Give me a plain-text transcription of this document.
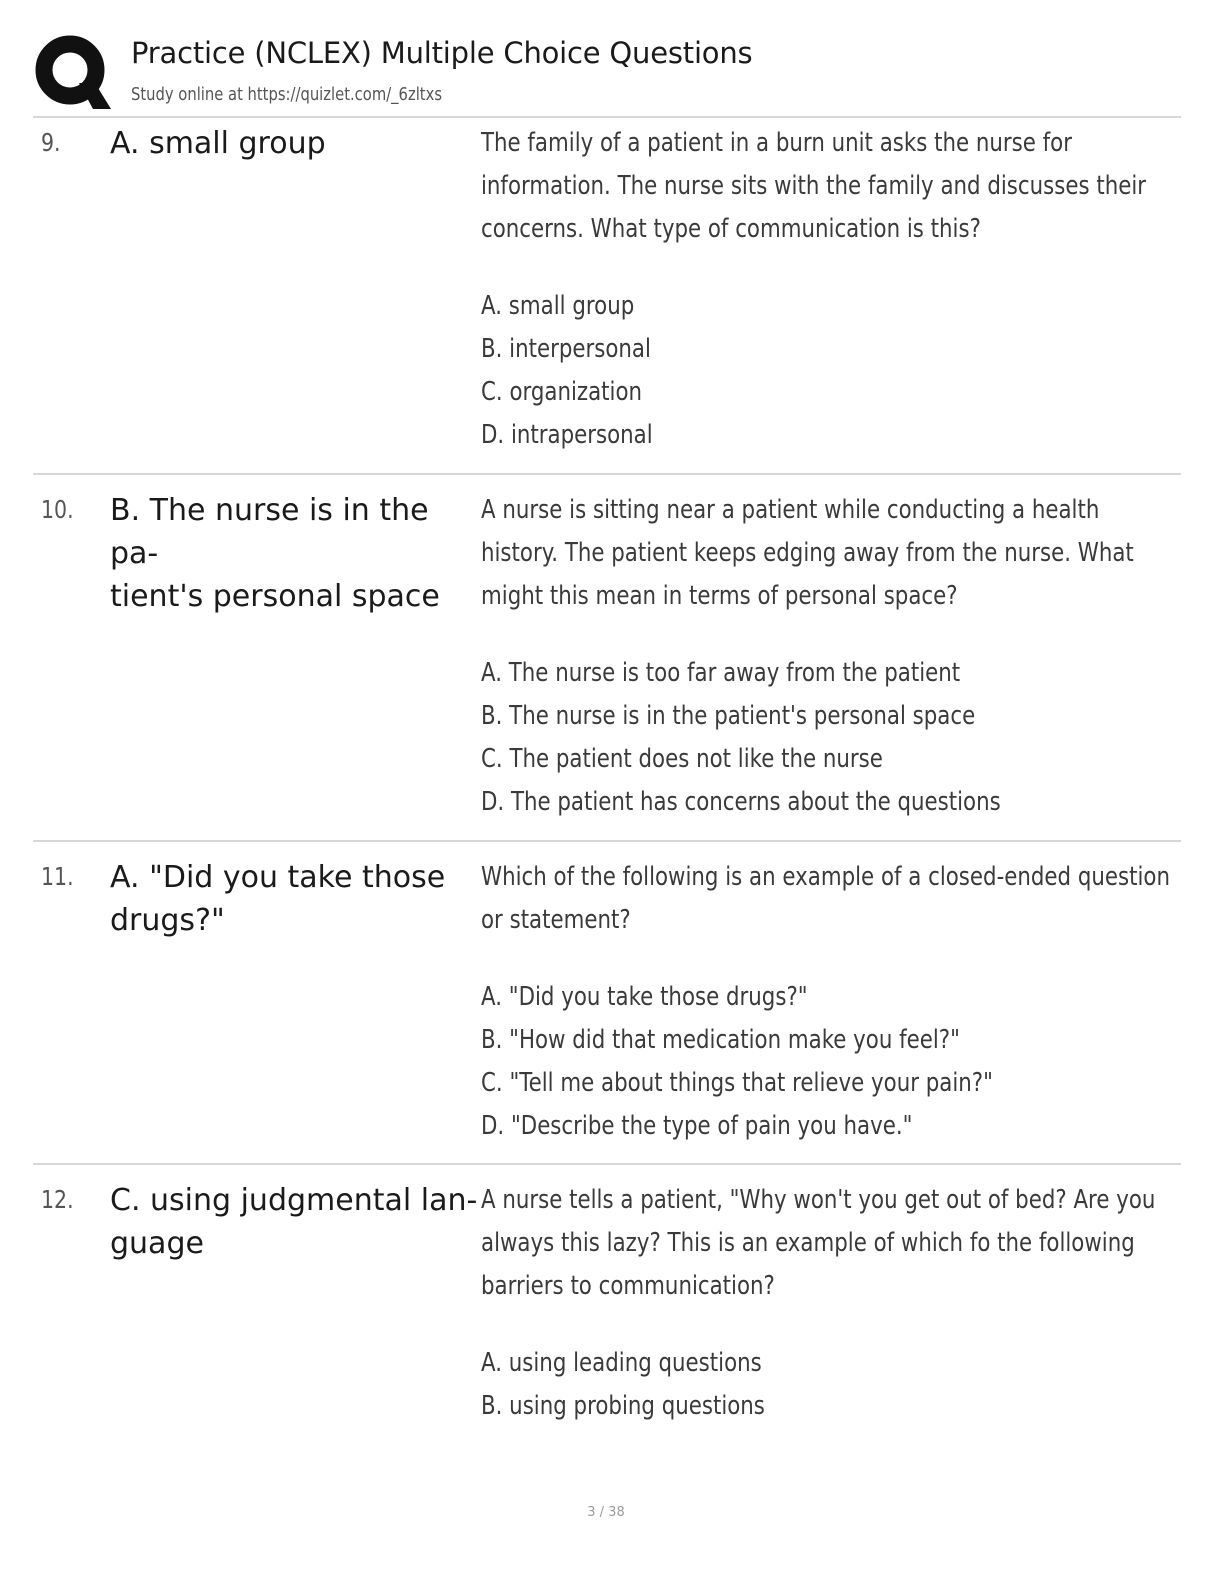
Practice (NCLEX) Multiple Choice Questions
Study online at https://quizlet.com/_6zltxs
9. A. small group	The family of a patient in a burn unit asks the nurse for information. The nurse sits with the family and discusses their concerns. What type of communication is this?
A. small group
B. interpersonal
C. organization
D. intrapersonal
10. B. The nurse is in the pa-
tient's personal space
A nurse is sitting near a patient while conducting a health history. The patient keeps edging away from the nurse. What might this mean in terms of personal space?
A. The nurse is too far away from the patient
B. The nurse is in the patient's personal space
C. The patient does not like the nurse
D. The patient has concerns about the questions
11. A. "Did you take those
drugs?"
Which of the following is an example of a closed-ended question or statement?
A. "Did you take those drugs?"
B. "How did that medication make you feel?"
C. "Tell me about things that relieve your pain?"
D. "Describe the type of pain you have."
12. C. using judgmental lan-
guage
A nurse tells a patient, "Why won't you get out of bed? Are you always this lazy? This is an example of which fo the following barriers to communication?
A. using leading questions
B. using probing questions
3 / 38
